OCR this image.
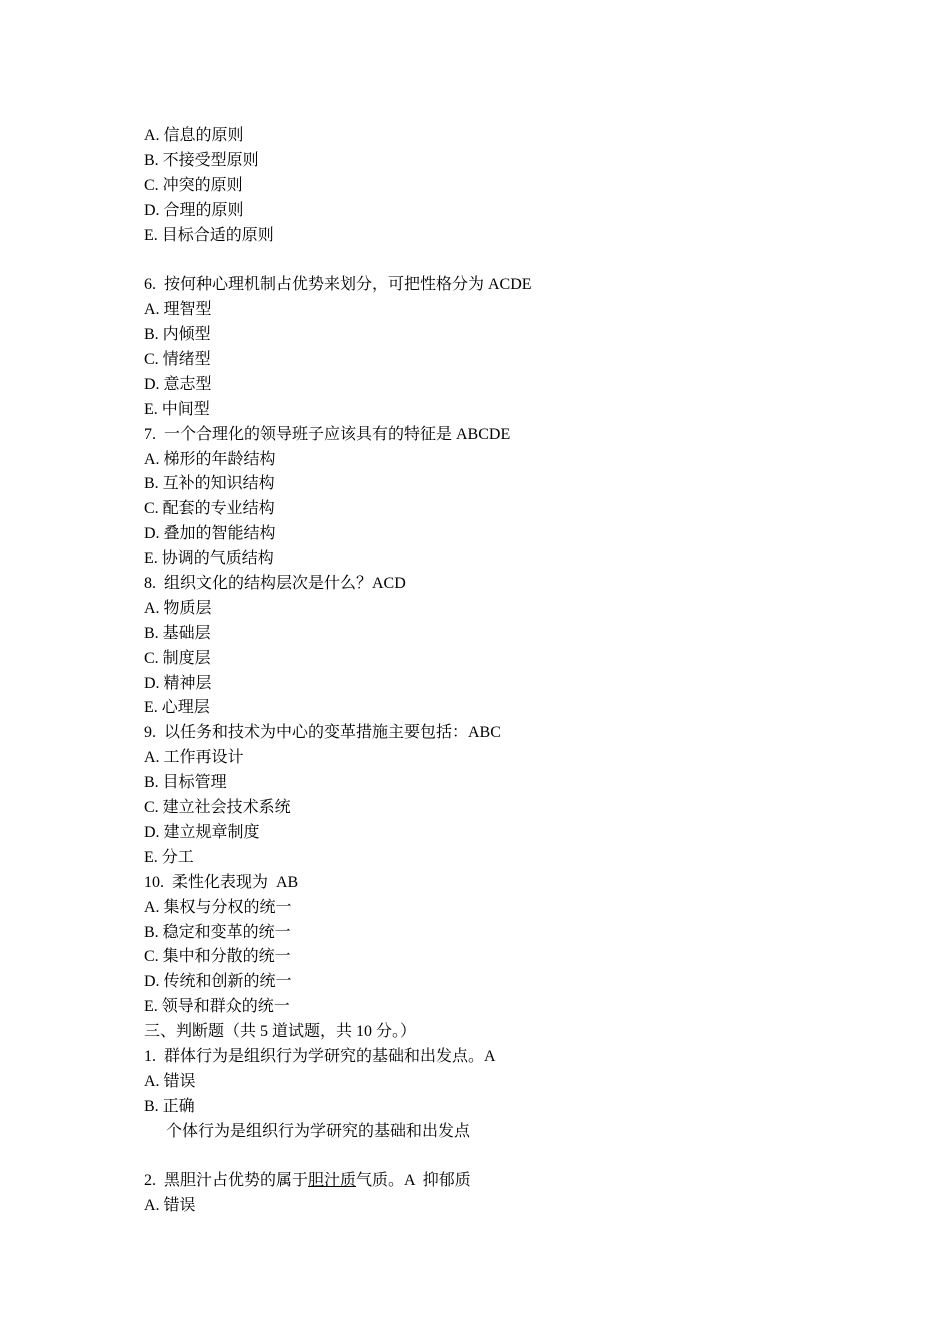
A. 信息的原则
B. 不接受型原则
C. 冲突的原则
D. 合理的原则
E. 目标合适的原则
6.  按何种心理机制占优势来划分，可把性格分为 ACDE
A. 理智型
B. 内倾型
C. 情绪型
D. 意志型
E. 中间型
7.  一个合理化的领导班子应该具有的特征是 ABCDE
A. 梯形的年龄结构
B. 互补的知识结构
C. 配套的专业结构
D. 叠加的智能结构
E. 协调的气质结构
8.  组织文化的结构层次是什么？ACD
A. 物质层
B. 基础层
C. 制度层
D. 精神层
E. 心理层
9.  以任务和技术为中心的变革措施主要包括：ABC
A. 工作再设计
B. 目标管理
C. 建立社会技术系统
D. 建立规章制度
E. 分工
10.  柔性化表现为  AB
A. 集权与分权的统一
B. 稳定和变革的统一
C. 集中和分散的统一
D. 传统和创新的统一
E. 领导和群众的统一
三、判断题（共 5 道试题，共 10 分。）
1.  群体行为是组织行为学研究的基础和出发点。A
A. 错误
B. 正确
个体行为是组织行为学研究的基础和出发点
2.  黑胆汁占优势的属于胆汁质气质。A  抑郁质
A. 错误
